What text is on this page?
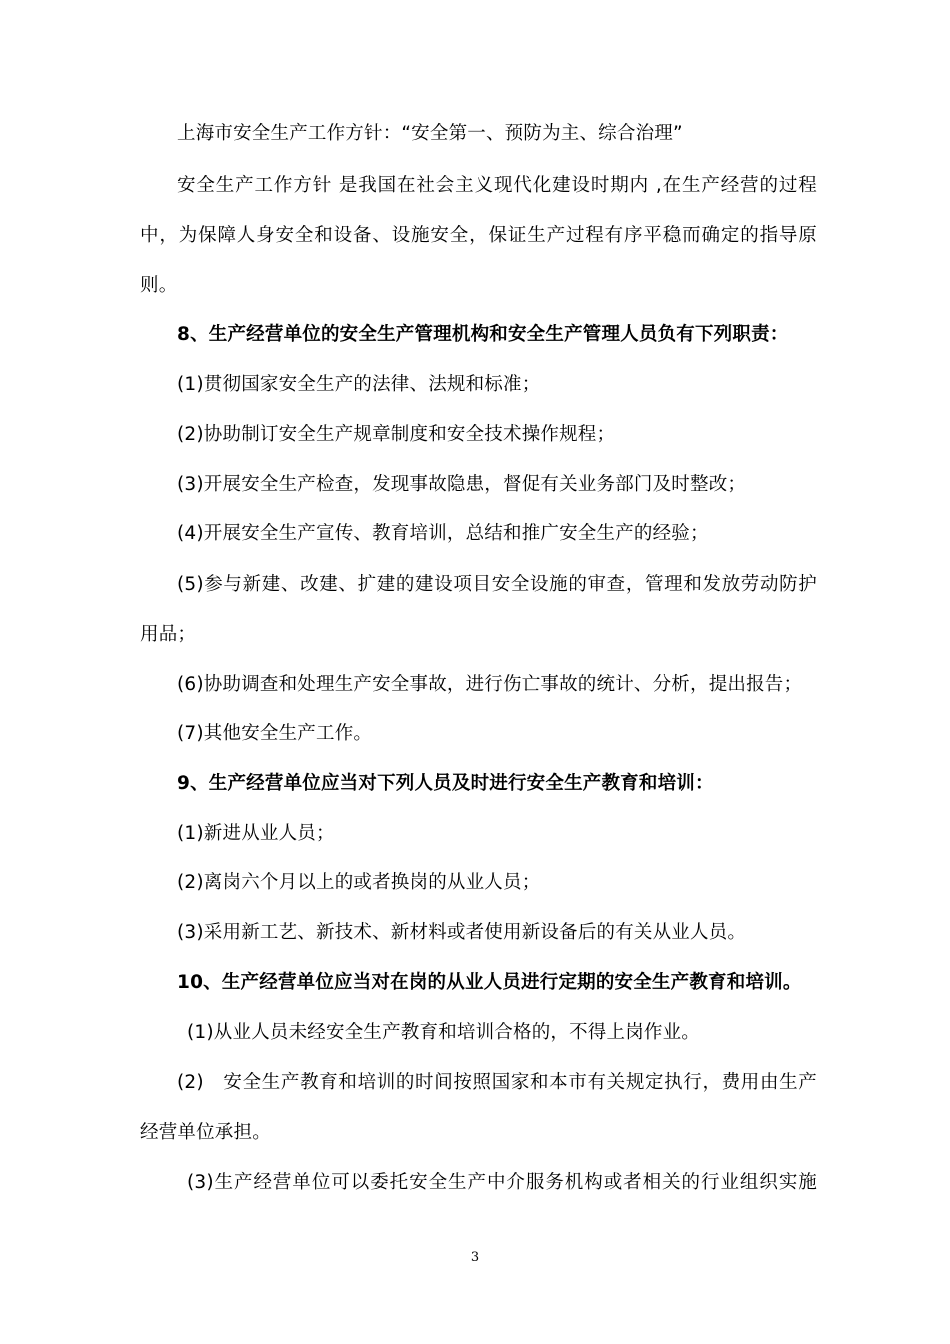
上海市安全生产工作方针：“安全第一、预防为主、综合治理”
安全生产工作方针 是我国在社会主义现代化建设时期内 ,在生产经营的过程
中，为保障人身安全和设备、设施安全，保证生产过程有序平稳而确定的指导原
则。
8、生产经营单位的安全生产管理机构和安全生产管理人员负有下列职责：
(1)贯彻国家安全生产的法律、法规和标准；
(2)协助制订安全生产规章制度和安全技术操作规程；
(3)开展安全生产检查，发现事故隐患，督促有关业务部门及时整改；
(4)开展安全生产宣传、教育培训，总结和推广安全生产的经验；
(5)参与新建、改建、扩建的建设项目安全设施的审查，管理和发放劳动防护
用品；
(6)协助调查和处理生产安全事故，进行伤亡事故的统计、分析，提出报告；
(7)其他安全生产工作。
9、生产经营单位应当对下列人员及时进行安全生产教育和培训：
(1)新进从业人员；
(2)离岗六个月以上的或者换岗的从业人员；
(3)采用新工艺、新技术、新材料或者使用新设备后的有关从业人员。
10、生产经营单位应当对在岗的从业人员进行定期的安全生产教育和培训。
(1)从业人员未经安全生产教育和培训合格的，不得上岗作业。
(2)　安全生产教育和培训的时间按照国家和本市有关规定执行，费用由生产
经营单位承担。
(3)生产经营单位可以委托安全生产中介服务机构或者相关的行业组织实施
3
